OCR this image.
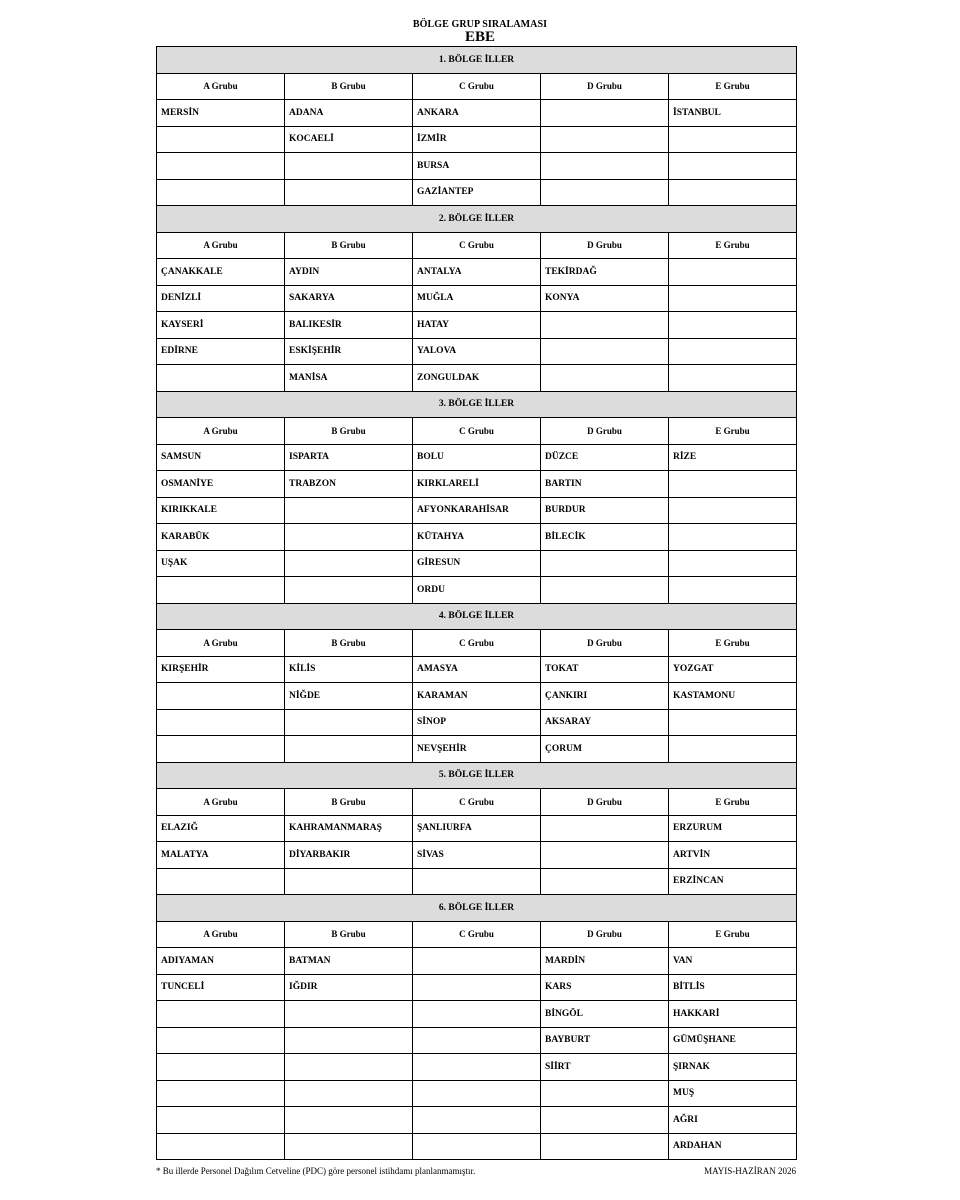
BÖLGE GRUP SIRALAMASI
EBE
1. BÖLGE İLLER				
A Grubu	B Grubu	C Grubu	D Grubu	E Grubu
MERSİN	ADANA	ANKARA		İSTANBUL
	KOCAELİ	İZMİR		
		BURSA		
		GAZİANTEP		
2. BÖLGE İLLER				
A Grubu	B Grubu	C Grubu	D Grubu	E Grubu
ÇANAKKALE	AYDIN	ANTALYA	TEKİRDAĞ	
DENİZLİ	SAKARYA	MUĞLA	KONYA	
KAYSERİ	BALIKESİR	HATAY		
EDİRNE	ESKİŞEHİR	YALOVA		
	MANİSA	ZONGULDAK		
3. BÖLGE İLLER				
A Grubu	B Grubu	C Grubu	D Grubu	E Grubu
SAMSUN	ISPARTA	BOLU	DÜZCE	RİZE
OSMANİYE	TRABZON	KIRKLARELİ	BARTIN	
KIRIKKALE		AFYONKARAHİSAR	BURDUR	
KARABÜK		KÜTAHYA	BİLECİK	
UŞAK		GİRESUN		
		ORDU		
4. BÖLGE İLLER				
A Grubu	B Grubu	C Grubu	D Grubu	E Grubu
KIRŞEHİR	KİLİS	AMASYA	TOKAT	YOZGAT
	NİĞDE	KARAMAN	ÇANKIRI	KASTAMONU
		SİNOP	AKSARAY	
		NEVŞEHİR	ÇORUM	
5. BÖLGE İLLER				
A Grubu	B Grubu	C Grubu	D Grubu	E Grubu
ELAZIĞ	KAHRAMANMARAŞ	ŞANLIURFA		ERZURUM
MALATYA	DİYARBAKIR	SİVAS		ARTVİN
				ERZİNCAN
6. BÖLGE İLLER				
A Grubu	B Grubu	C Grubu	D Grubu	E Grubu
ADIYAMAN	BATMAN		MARDİN	VAN
TUNCELİ	IĞDIR		KARS	BİTLİS
			BİNGÖL	HAKKARİ
			BAYBURT	GÜMÜŞHANE
			SİİRT	ŞIRNAK
				MUŞ
				AĞRI
				ARDAHAN
* Bu illerde Personel Dağılım Cetveline (PDC) göre personel istihdamı planlanmamıştır.	MAYIS-HAZİRAN 2026
